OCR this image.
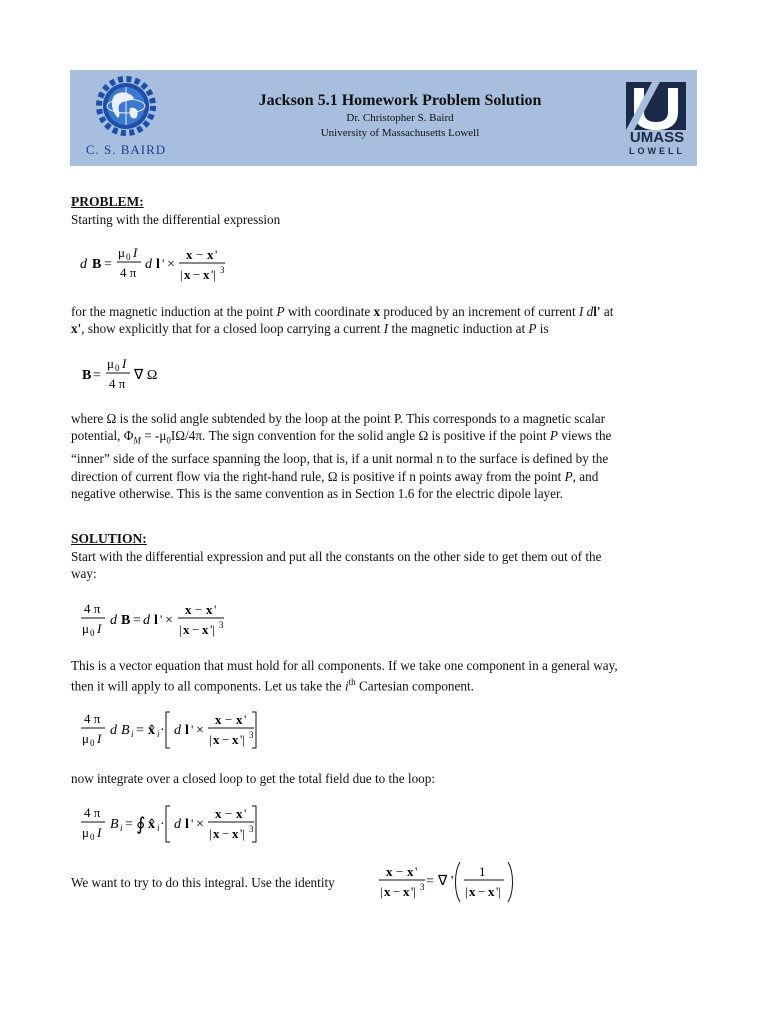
C. S. BAIRD
Jackson 5.1 Homework Problem Solution
Dr. Christopher S. Baird
University of Massachusetts Lowell	UMASS
LOWELL
PROBLEM:
Starting with the differential expression
d B =
μ 0 I
4 π
d l ' ×
x − x '
| x − x '| 3
for the magnetic induction at the point P with coordinate x produced by an increment of current I dl' at
x', show explicitly that for a closed loop carrying a current I the magnetic induction at P is
B =
μ 0 I
4 π
∇ Ω
where Ω is the solid angle subtended by the loop at the point P. This corresponds to a magnetic scalar
potential, $\Phi_M = -\mu_0I\Omega/4\pi$. The sign convention for the solid angle Ω is positive if the point P views the
“inner” side of the surface spanning the loop, that is, if a unit normal n to the surface is defined by the
direction of current flow via the right-hand rule, Ω is positive if n points away from the point P, and
negative otherwise. This is the same convention as in Section 1.6 for the electric dipole layer.
SOLUTION:
Start with the differential expression and put all the constants on the other side to get them out of the
way:
4 π
μ 0 I
d B = d l ' ×
x − x '
| x − x '| 3
This is a vector equation that must hold for all components. If we take one component in a general way,
then it will apply to all components. Let us take the $i^{th}$ Cartesian component.
4 π
μ 0 I
d B i = x̂ i · d l ' ×
x − x '
| x − x '| 3
now integrate over a closed loop to get the total field due to the loop:
4 π
μ 0 I
B i = ∮ x̂ i · d l ' ×
x − x '
| x − x '| 3
We want to try to do this integral. Use the identity
x − x '
| x − x '| 3 = ∇ '
1
| x − x '|
